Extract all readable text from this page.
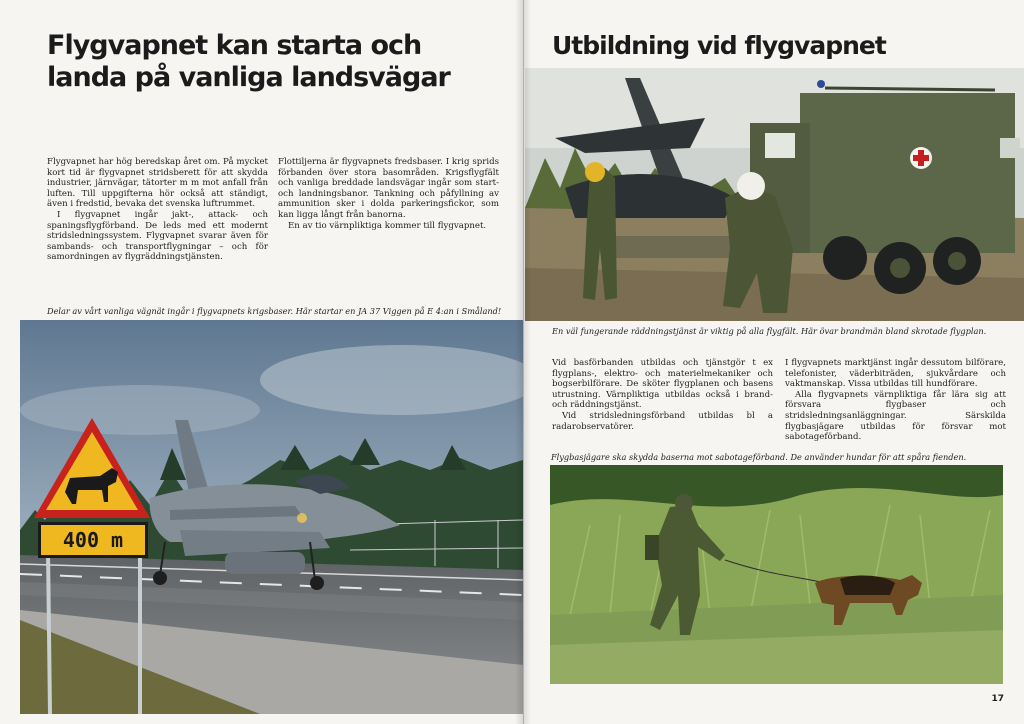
Flygvapnet kan starta och landa på vanliga landsvägar

Flygvapnet har hög beredskap året om. På mycket kort tid är flygvapnet stridsberett för att skydda industrier, järnvägar, tätorter m m mot anfall från luften. Till uppgifterna hör också att ständigt, även i fredstid, bevaka det svenska luftrummet.

I flygvapnet ingår jakt-, attack- och spaningsflygförband. De leds med ett modernt stridsledningssystem. Flygvapnet svarar även för sambands- och transportflygningar – och för samordningen av flygräddningstjänsten.

Flottiljerna är flygvapnets fredsbaser. I krig sprids förbanden över stora basområden. Krigsflygfält och vanliga breddade landsvägar ingår som start- och landningsbanor. Tankning och påfyllning av ammunition sker i dolda parkeringsfickor, som kan ligga långt från banorna.

En av tio värnpliktiga kommer till flygvapnet.

Delar av vårt vanliga vägnät ingår i flygvapnets krigsbaser. Här startar en JA 37 Viggen på E 4:an i Småland!
400 m
Utbildning vid flygvapnet
En väl fungerande räddningstjänst är viktig på alla flygfält. Här övar brandmän bland skrotade flygplan.

Vid basförbanden utbildas och tjänstgör t ex flygplans-, elektro- och materielmekaniker och bogserbilförare. De sköter flygplanen och basens utrustning. Värnpliktiga utbildas också i brand- och räddningstjänst.

Vid stridsledningsförband utbildas bl a radarobservatörer.

I flygvapnets marktjänst ingår dessutom bilförare, telefonister, väderbiträden, sjukvårdare och vaktmanskap. Vissa utbildas till hundförare.

Alla flygvapnets värnpliktiga får lära sig att försvara flygbaser och stridsledningsanläggningar. Särskilda flygbasjägare utbildas för försvar mot sabotageförband.

Flygbasjägare ska skydda baserna mot sabotageförband. De använder hundar för att spåra fienden.
17
